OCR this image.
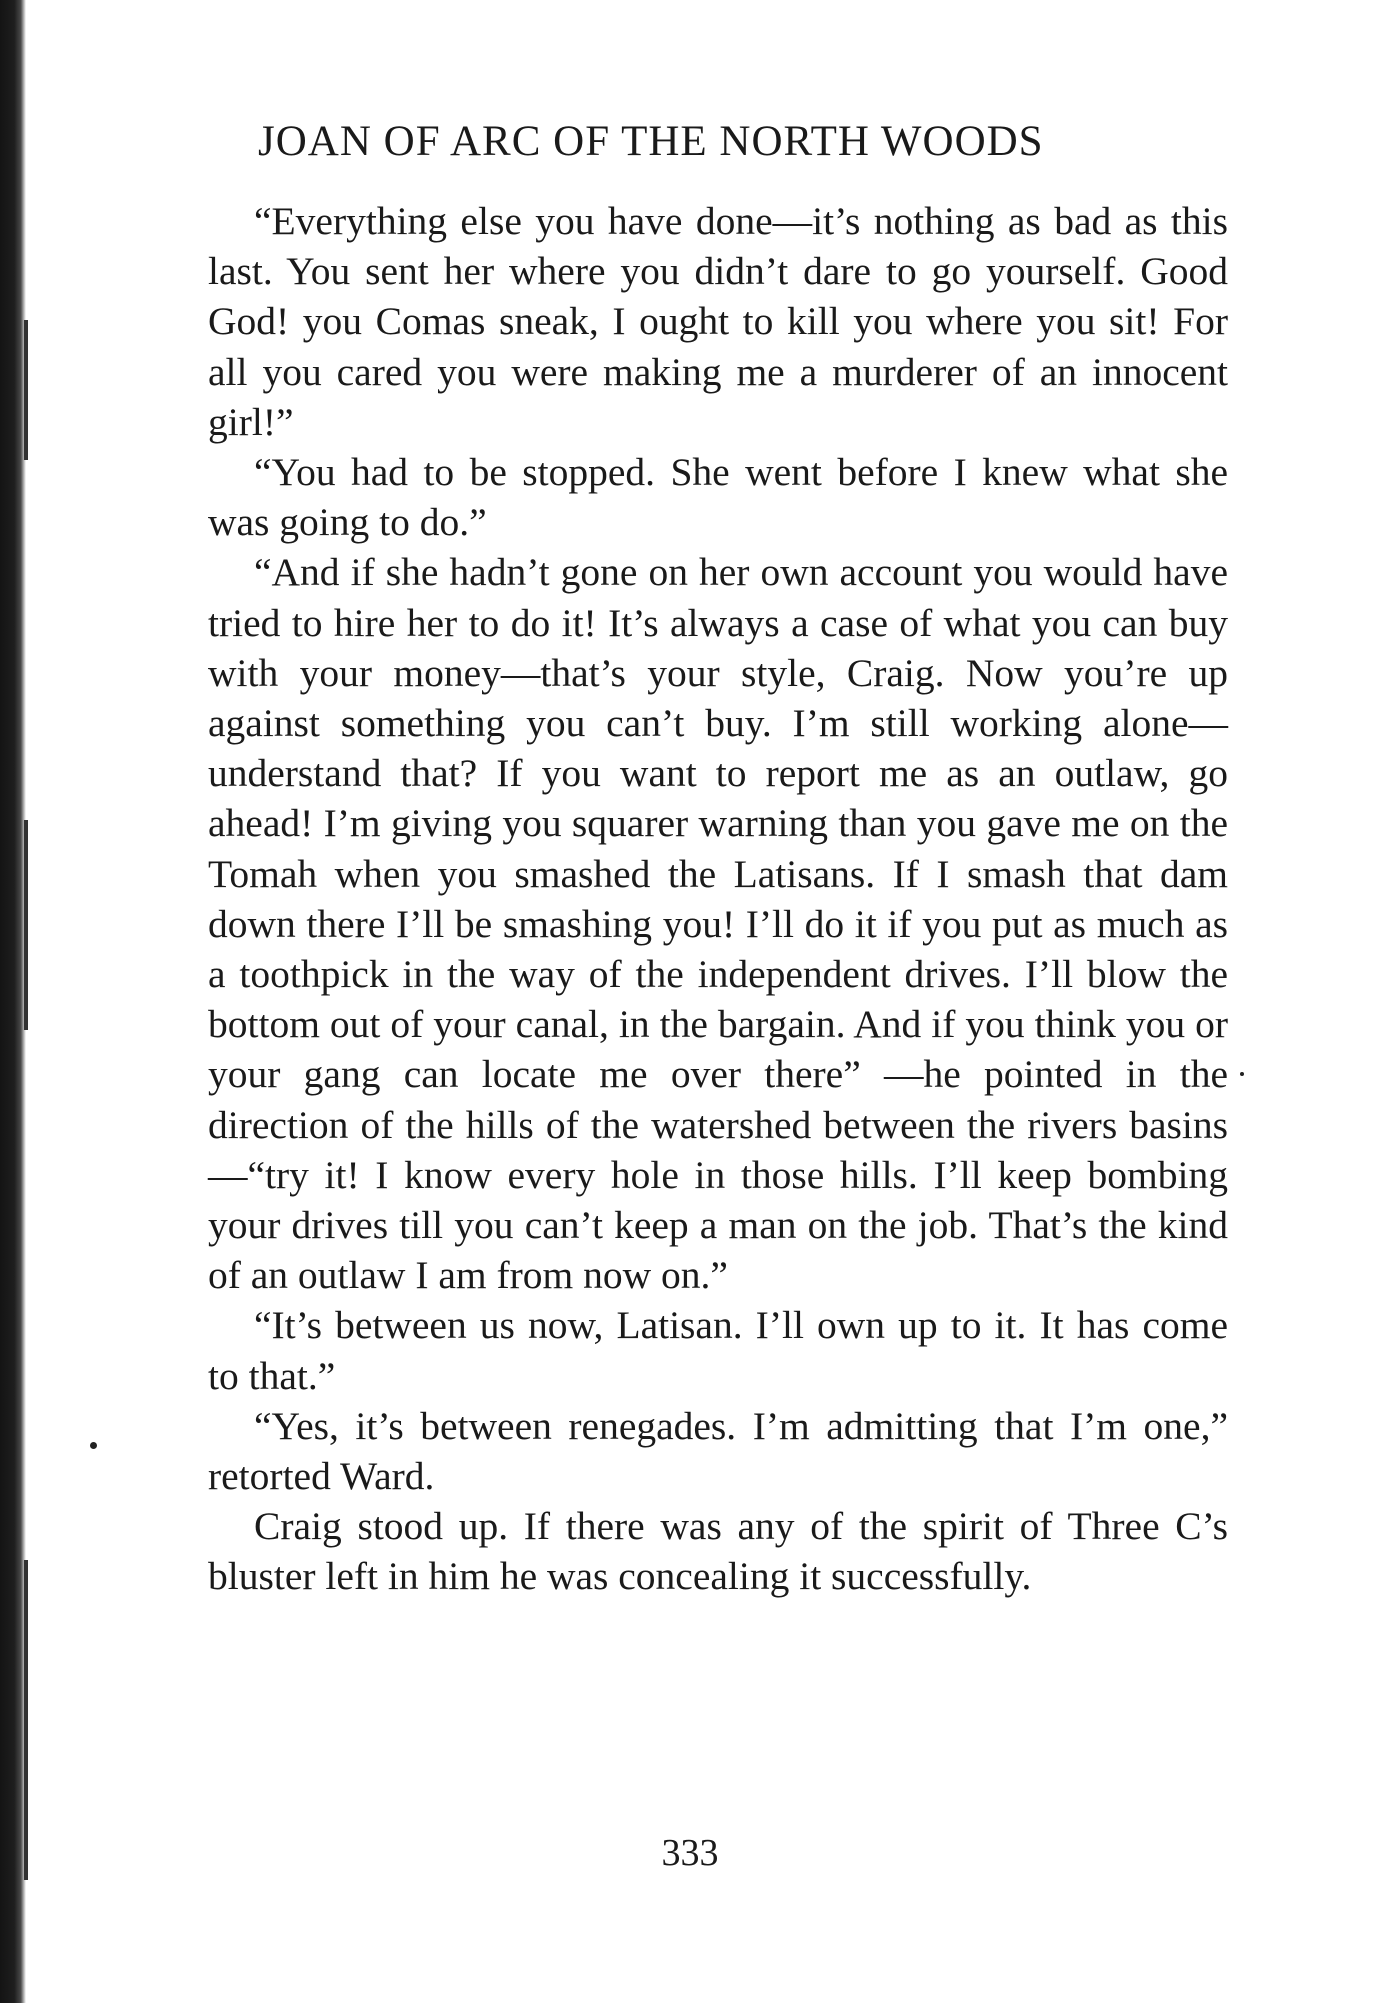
JOAN OF ARC OF THE NORTH WOODS

“Everything else you have done—it’s nothing as bad as this last. You sent her where you didn’t dare to go yourself. Good God! you Comas sneak, I ought to kill you where you sit! For all you cared you were making me a murderer of an innocent girl!”

“You had to be stopped. She went before I knew what she was going to do.”

“And if she hadn’t gone on her own account you would have tried to hire her to do it! It’s always a case of what you can buy with your money—that’s your style, Craig. Now you’re up against something you can’t buy. I’m still working alone—understand that? If you want to report me as an outlaw, go ahead! I’m giving you squarer warning than you gave me on the Tomah when you smashed the Latisans. If I smash that dam down there I’ll be smashing you! I’ll do it if you put as much as a toothpick in the way of the independent drives. I’ll blow the bottom out of your canal, in the bargain. And if you think you or your gang can locate me over there” —he pointed in the direction of the hills of the watershed between the rivers basins—“try it! I know every hole in those hills. I’ll keep bombing your drives till you can’t keep a man on the job. That’s the kind of an outlaw I am from now on.”

“It’s between us now, Latisan. I’ll own up to it. It has come to that.”

“Yes, it’s between renegades. I’m admitting that I’m one,” retorted Ward.

Craig stood up. If there was any of the spirit of Three C’s bluster left in him he was concealing it successfully.

333
